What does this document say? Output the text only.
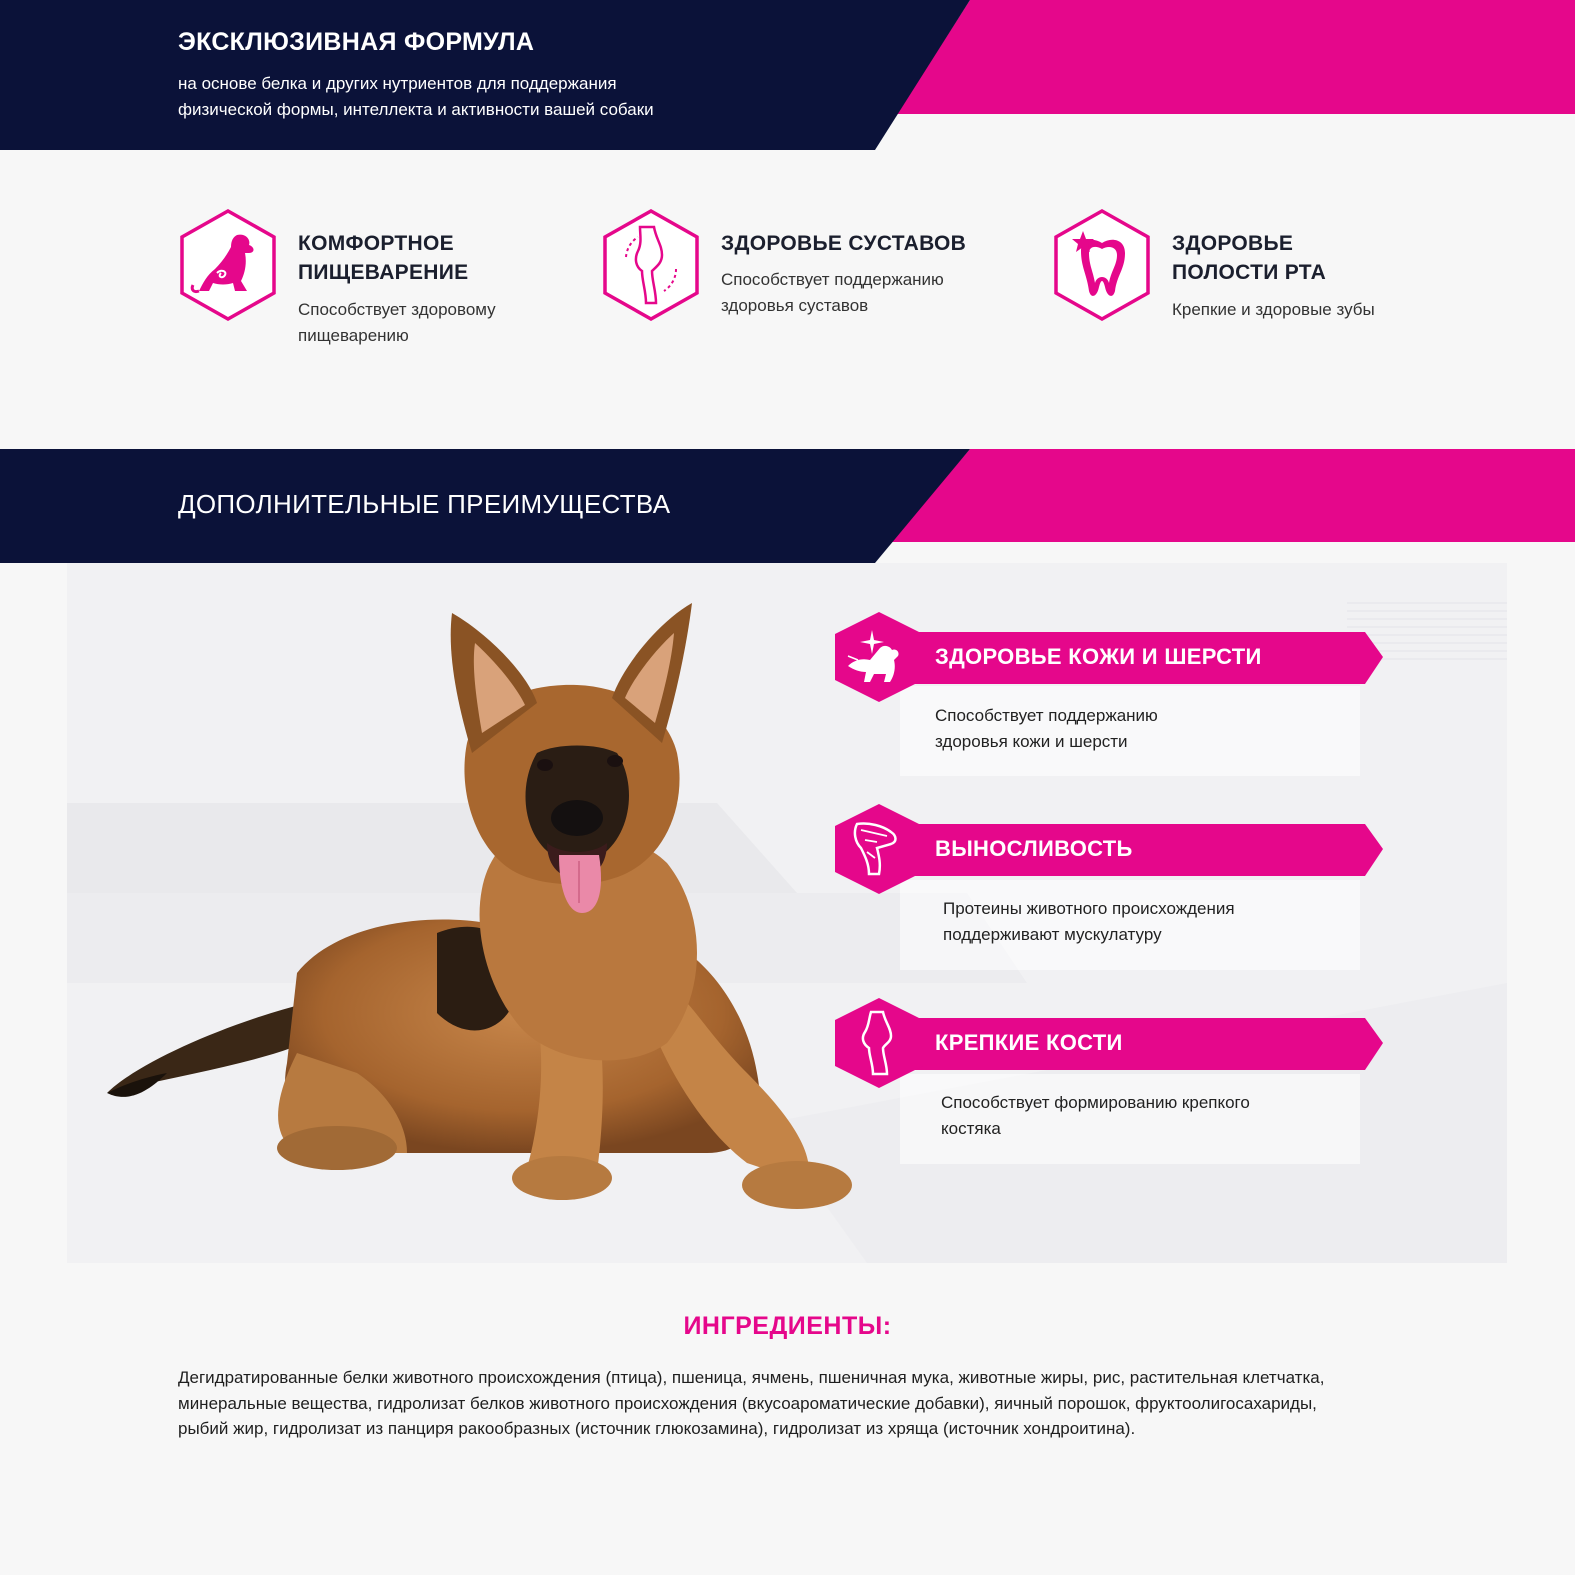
ЭКСКЛЮЗИВНАЯ ФОРМУЛА
на основе белка и других нутриентов для поддержания
физической формы, интеллекта и активности вашей собаки
КОМФОРТНОЕ
ПИЩЕВАРЕНИЕ
Способствует здоровому
пищеварению
ЗДОРОВЬЕ СУСТАВОВ
Способствует поддержанию
здоровья суставов
ЗДОРОВЬЕ
ПОЛОСТИ РТА
Крепкие и здоровые зубы
ДОПОЛНИТЕЛЬНЫЕ ПРЕИМУЩЕСТВА
ЗДОРОВЬЕ КОЖИ И ШЕРСТИ
Способствует поддержанию
здоровья кожи и шерсти
ВЫНОСЛИВОСТЬ
Протеины животного происхождения
поддерживают мускулатуру
КРЕПКИЕ КОСТИ
Способствует формированию крепкого
костяка
ИНГРЕДИЕНТЫ:
Дегидратированные белки животного происхождения (птица), пшеница, ячмень, пшеничная мука, животные жиры, рис, растительная клетчатка, минеральные вещества, гидролизат белков животного происхождения (вкусоароматические добавки), яичный порошок, фруктоолигосахариды, рыбий жир, гидролизат из панциря ракообразных (источник глюкозамина), гидролизат из хряща (источник хондроитина).
